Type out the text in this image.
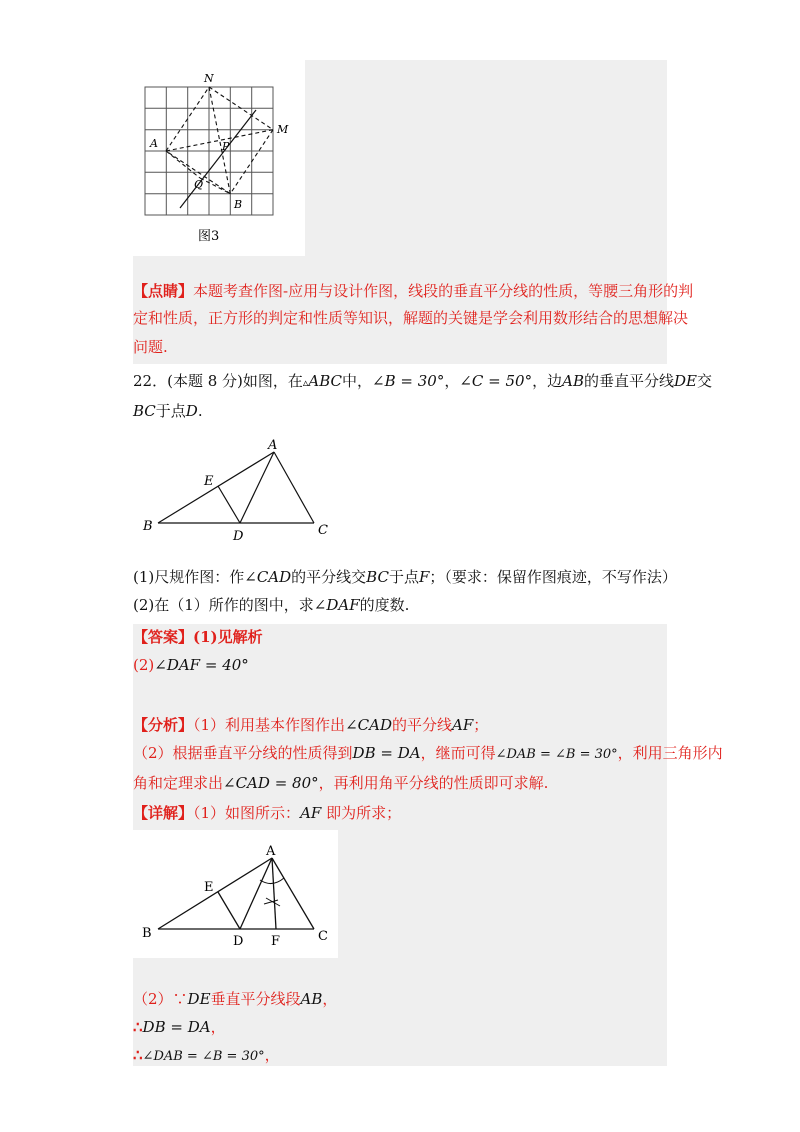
N
M
A	P
Q
B
图3
【点睛】本题考查作图-应用与设计作图，线段的垂直平分线的性质，等腰三角形的判
定和性质，正方形的判定和性质等知识，解题的关键是学会利用数形结合的思想解决
问题.
22．(本题 8 分)如图，在▵ABC中，∠B = 30°，∠C = 50°，边AB的垂直平分线DE交
BC于点D.
A
E
B
D	C
(1)尺规作图：作∠CAD的平分线交BC于点F；（要求：保留作图痕迹，不写作法）
(2)在（1）所作的图中，求∠DAF的度数.
【答案】(1)见解析
(2)∠DAF = 40°
【分析】（1）利用基本作图作出∠CAD的平分线AF；
（2）根据垂直平分线的性质得到DB = DA，继而可得∠DAB = ∠B = 30°，利用三角形内
角和定理求出∠CAD = 80°，再利用角平分线的性质即可求解.
【详解】（1）如图所示：AF 即为所求；
A
E
B
D F	C
（2）∵DE垂直平分线段AB，
∴DB = DA，
∴∠DAB = ∠B = 30°，
